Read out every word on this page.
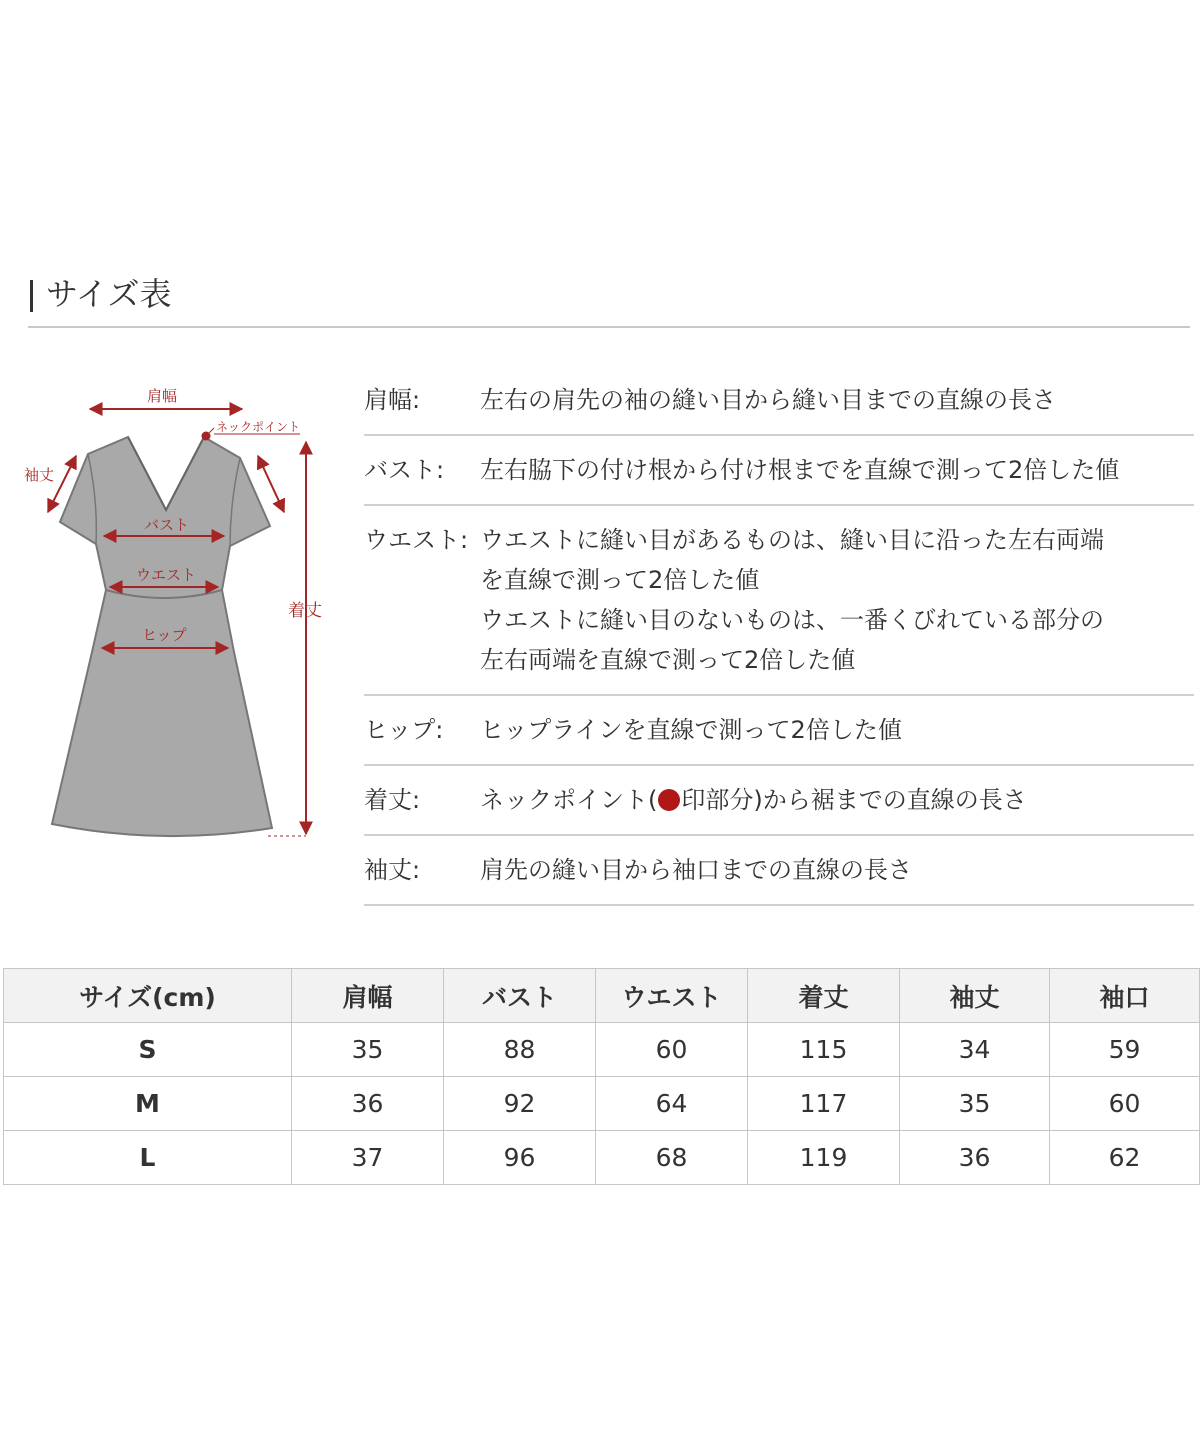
サイズ表
ネックポイント
肩幅
袖丈
バスト
ウエスト
ヒップ
着丈
肩幅:	左右の肩先の袖の縫い目から縫い目までの直線の長さ
バスト:	左右脇下の付け根から付け根までを直線で測って2倍した値
ウエスト: ウエストに縫い目があるものは、縫い目に沿った左右両端
を直線で測って2倍した値
ウエストに縫い目のないものは、一番くびれている部分の
左右両端を直線で測って2倍した値
ヒップ:	ヒップラインを直線で測って2倍した値
着丈:	ネックポイント( 印部分)から裾までの直線の長さ
袖丈:	肩先の縫い目から袖口までの直線の長さ
サイズ(cm)	肩幅	バスト	ウエスト	着丈	袖丈	袖口
S	35	88	60	115	34	59
M	36	92	64	117	35	60
L	37	96	68	119	36	62
